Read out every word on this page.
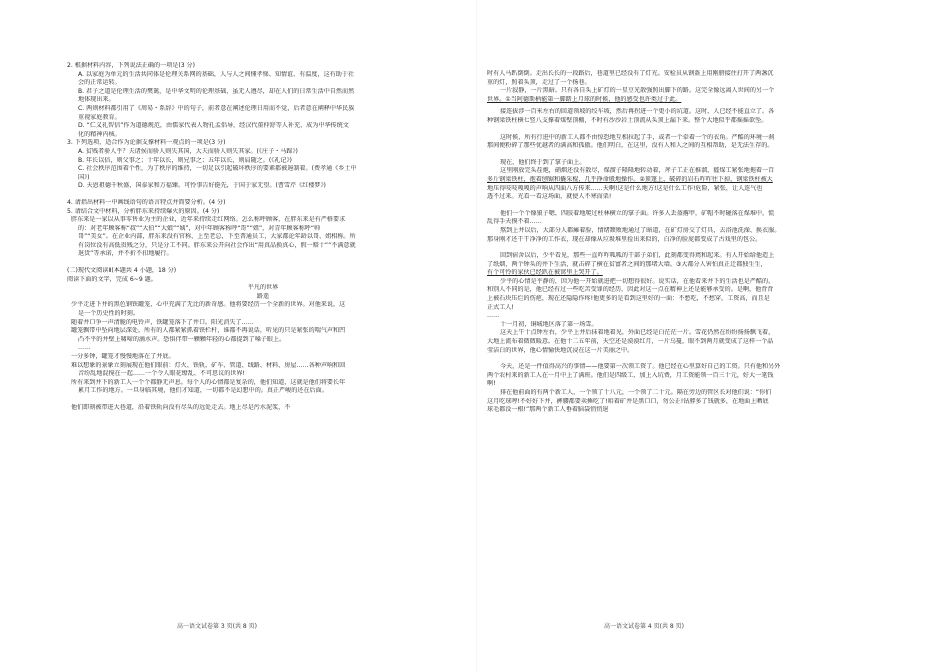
2. 根据材料内容，下列说法正确的一项是(3 分)
A. 以家庭为单元的生活共同体是伦理关系网的基础，人与人之间懂孝悌、知情谊、有温度，这有助于社
会的正常运转。
B. 君子之道是伦理生活的樊篱，是中华文明的伦理基础，虽无人遵尽，却在人们的日常生活中自然而然
地体现出来。
C. 两则材料都引用了《周易・系辞》中的句子，前者意在阐述伦理日用而不觉，后者意在阐释中华民族
重视家庭教育。
D. “仁义礼智信”作为道德规范，由儒家代表人物孔孟倡导，经汉代董仲舒等人补充，成为中华传统文
化的精神内核。
3. 下列选项，适合作为论据支撑材料一观点的一项是(3 分)
A. 贫贱者骄人乎？夫诸侯而骄人则失其国，大夫而骄人则失其家。(《庄子・马蹄》)
B. 年长以倍，则父事之；十年以长，则兄事之；五年以长，则肩随之。(《礼记》)
C. 社会秩序范围着个性，为了秩序的维持，一切足以引起破坏秩序的要素都被遏制着。(费孝通《乡土中
国》)
D. 天恩祖德千秋盛，国泰家和万福臻。可怜事告好挺先，于国于家无望。(曹雪芹《红楼梦》)
4. 请指出材料一中画线语句的语言特点并简要分析。(4 分)
5. 请结合文中材料，分析胖东来持续爆火的原因。(4 分)
胖东来是一家以从事零售业为主的企业，近年来持续走红网络。怎么称呼顾客，在胖东来是有严格要求
的：对老年顾客称“叔”“大伯”“大娘”“姨”，对中年顾客称呼“哥”“姐”，对青年顾客称呼“帅
哥”“美女”。在企业内部，胖东来没有官称，上至老总，下至普通员工，大家都论年龄以哥、姐相称。所
有岗位没有高低贵贱之分，只是分工不同。胖东来公开向社会作出“用真品换真心，假一赔十”“不满意就
退货”等承诺，并不折不扣地履行。
(二)现代文阅读Ⅱ(本题共 4 小题，18 分)
阅读下面的文字，完成 6~9 题。
平凡的世界
路遥
少平走进下井的黑色钢铁罐笼，心中充满了无比的新奇感。他将要经历一个全新的世界。对他来说，这
是一个历史性的时刻。
随着井口争一声清脆的电铃声，铁罐笼落下了井口。阳光消失了……
罐笼飘带中坠向地层深处。所有的人都紧紧抓着铁栏杆，谁都不再说话，听见的只是紧张的喘气声和凹
凸不平的井壁上啸啼的滴水声。恐惧伴带一颗颗年轻的心都提到了嗓子眼上。
……
一分多钟，罐笼才慢慢地落在了井底。
难以想象的景象立刻展现在他们眼前：灯火、铁轨、矿车、管道、线路、材料、房屋……各种声响和回
音纷乱地混搅在一起……一个令人眼花缭乱、不可思议的世界!
所有来到井下的新工人一个个都静无声息。每个人的心情都是复杂的，他们知道，这就是他们将要长年
累月工作的地方。一旦身临其境，他们才知道，一切都不是幻想中的。真正严峻的还在后面。
他们即刻被带进大巷道，沿着铁轨向没有尽头的远处走去。地上尽是污水泥浆，不
时有人马趴倒倒。走出长长的一段路后，巷道里已经没有了灯光。安检员从钢盔上用刚膀接住打开了两盏沉
重的灯，照着头顶，走过了一个扬巷。
一片寂静，一片黑暗。只有各自头上矿灯的一星豆光散强照出脚下的路。这完全像远离人世间的另一个
世界。①当阿德斯柄能第一脚踏上月球的时候，他的感受也许类过于此。
接连拔涉一百米左右的回道领坡的绞车坡，然后再拐进一个更小的坑道。这时，人已经不能直立了。各
种钢梁铁柱横七竖八支撑着煤壁顶棚，不时有沙沙岩土顶流从头顶上漏下来。整个大地似乎都摇摇欲坠。
这时候，所有行进中的新工人都不由惊恐地互相拉起了手，或者一个牵着一个的衣角。严酷的环境一刹
那间便粉碎了那些优越者的满高和孤傲。他们明白，在这里，没有人和人之间的互相帮助，是无法生存的。
现在，他们终于到了掌子面上。
这里刚放完头茬炮，硝烟还没有散尽，煤溜子隆隆地转动着，斧子工正在推溜，攉煤工紧张地拖着一百
多斤钢梁铁柱，抱着刨锯和撬采棍，几乎挣命般地操作。②顶篷上，破碎的岩石咋咋往下掉，钢梁铁柱被大
地压得吱吱嘎嘎的声响从四面八方传来……天啊!这是什么地方!这是什么工作!危险，紧张，让人连气也
透不过来。光看一看这场面，就使人不寒而栗!
他们一个个像狼子嗯，四肢着地爬过柱林横立的掌子面。许多人丢盔撂甲，矿帽不时碰落在煤堆中，慌
乱得手天摸不着……
熬到上井以后，大部分人都瘫着脸，情绪颓败地通过了暗道，在矿灯房交了灯具，去浴池洗澡、换衣服。
那身刚才还干干净净的工作衣，现在却像从垃圾堆里捡出来似的，白净的脸庞都变成了古戏里的包公。
回到宿舍以后，少平看见，那些一直咋咋呱呱的干部子弟们，此刻都变得蔫和起来。有人开始给他造上
了纸烟，两个钟头的井下生活，就击碎了横在贫富者之间的那堵大墙。③大都分人害怕真正迁都独生生，
有个可怜的家伙已经趴在被窝里上哭开了。
少平的心情是平静的，因为他一开始就进把一切想得很好。说实话，在他看来井下的生活也是严酷的。
和别人不同的是，他已经有过一些吃苦受罪的经历，因此对这一点在精神上还是能够承受的。是啊，他背背
上被石块压烂的伤疤，现在还隐隐作疼!他更多的是看到这里好的一面：不愁吃，不愁穿，工资高，而且是
正式工人!
……
十一月初，铜城地区落了第一场雪。
这天上午十点钟左右，少平上井后抹着地着见，外面已经是白茫茫一片。雪花仍然在纷纷扬扬飘飞着，
大地上流布着微微暖意。在他十二五年前，天空还是漠漠红月，一片乌蔓，眼不到两月就变成了这样一个晶
莹洁白的世界，他心情愉快地沉浸在这一片美丽之中。
今天，还是一件值得高兴的事情——他要第一次领工资了。他已经在心里算好自己的工资。只有他和另外
两个农村来的新工人在一月中上了满班。他们是四级工，加上入坑费，月工资能领一百三十元，好大一笔钱
啊!
排在他前面的有两个新工人，一个领了十八元，一个领了二十元。隔在旁边的管区长对他们说：“你们
这月吃球哼!不好好下井，裤腰都要卖捶吃了!咱着矿井是黑口口，勿公正!钻脖多了钱就多，在地面上晒底
球毛都没一根!”那两个新工人垂着脑袋悄悄退
高一语文试卷第 3 页(共 8 页)	高一语文试卷第 4 页(共 8 页)
